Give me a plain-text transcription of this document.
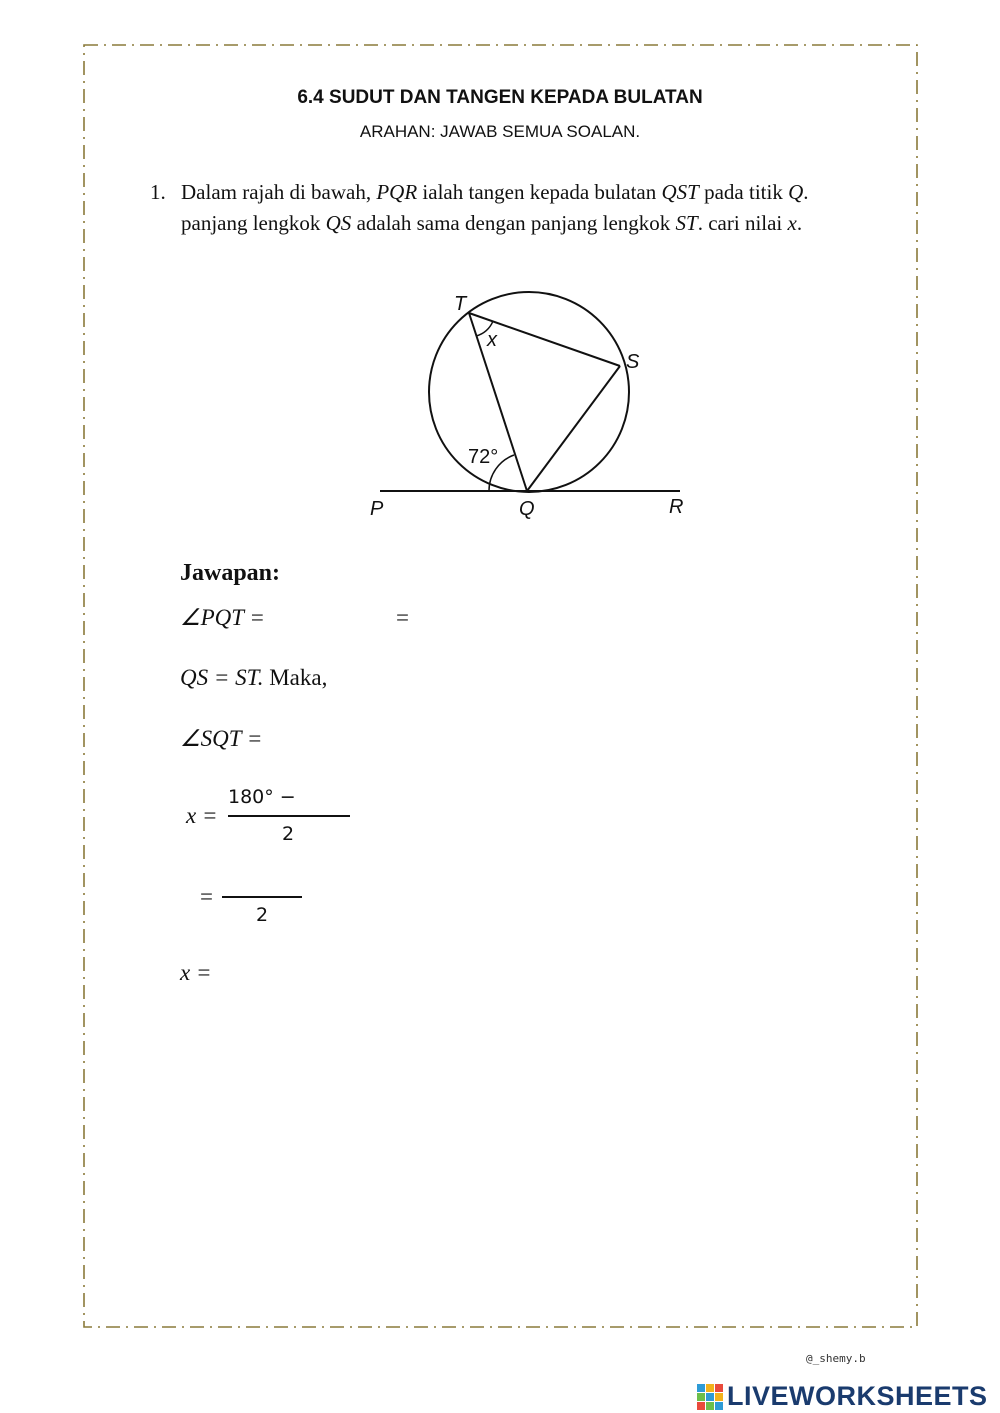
6.4 SUDUT DAN TANGEN KEPADA BULATAN
ARAHAN: JAWAB SEMUA SOALAN.
1. Dalam rajah di bawah, PQR ialah tangen kepada bulatan QST pada titik Q.
panjang lengkok QS adalah sama dengan panjang lengkok ST. cari nilai x.
T
S
Q
P	R
x
72°
Jawapan:
∠PQT =	=
QS = ST. Maka,
∠SQT =
x =
180° −
2
=
2
x =
@_shemy.b
LIVEWORKSHEETS
